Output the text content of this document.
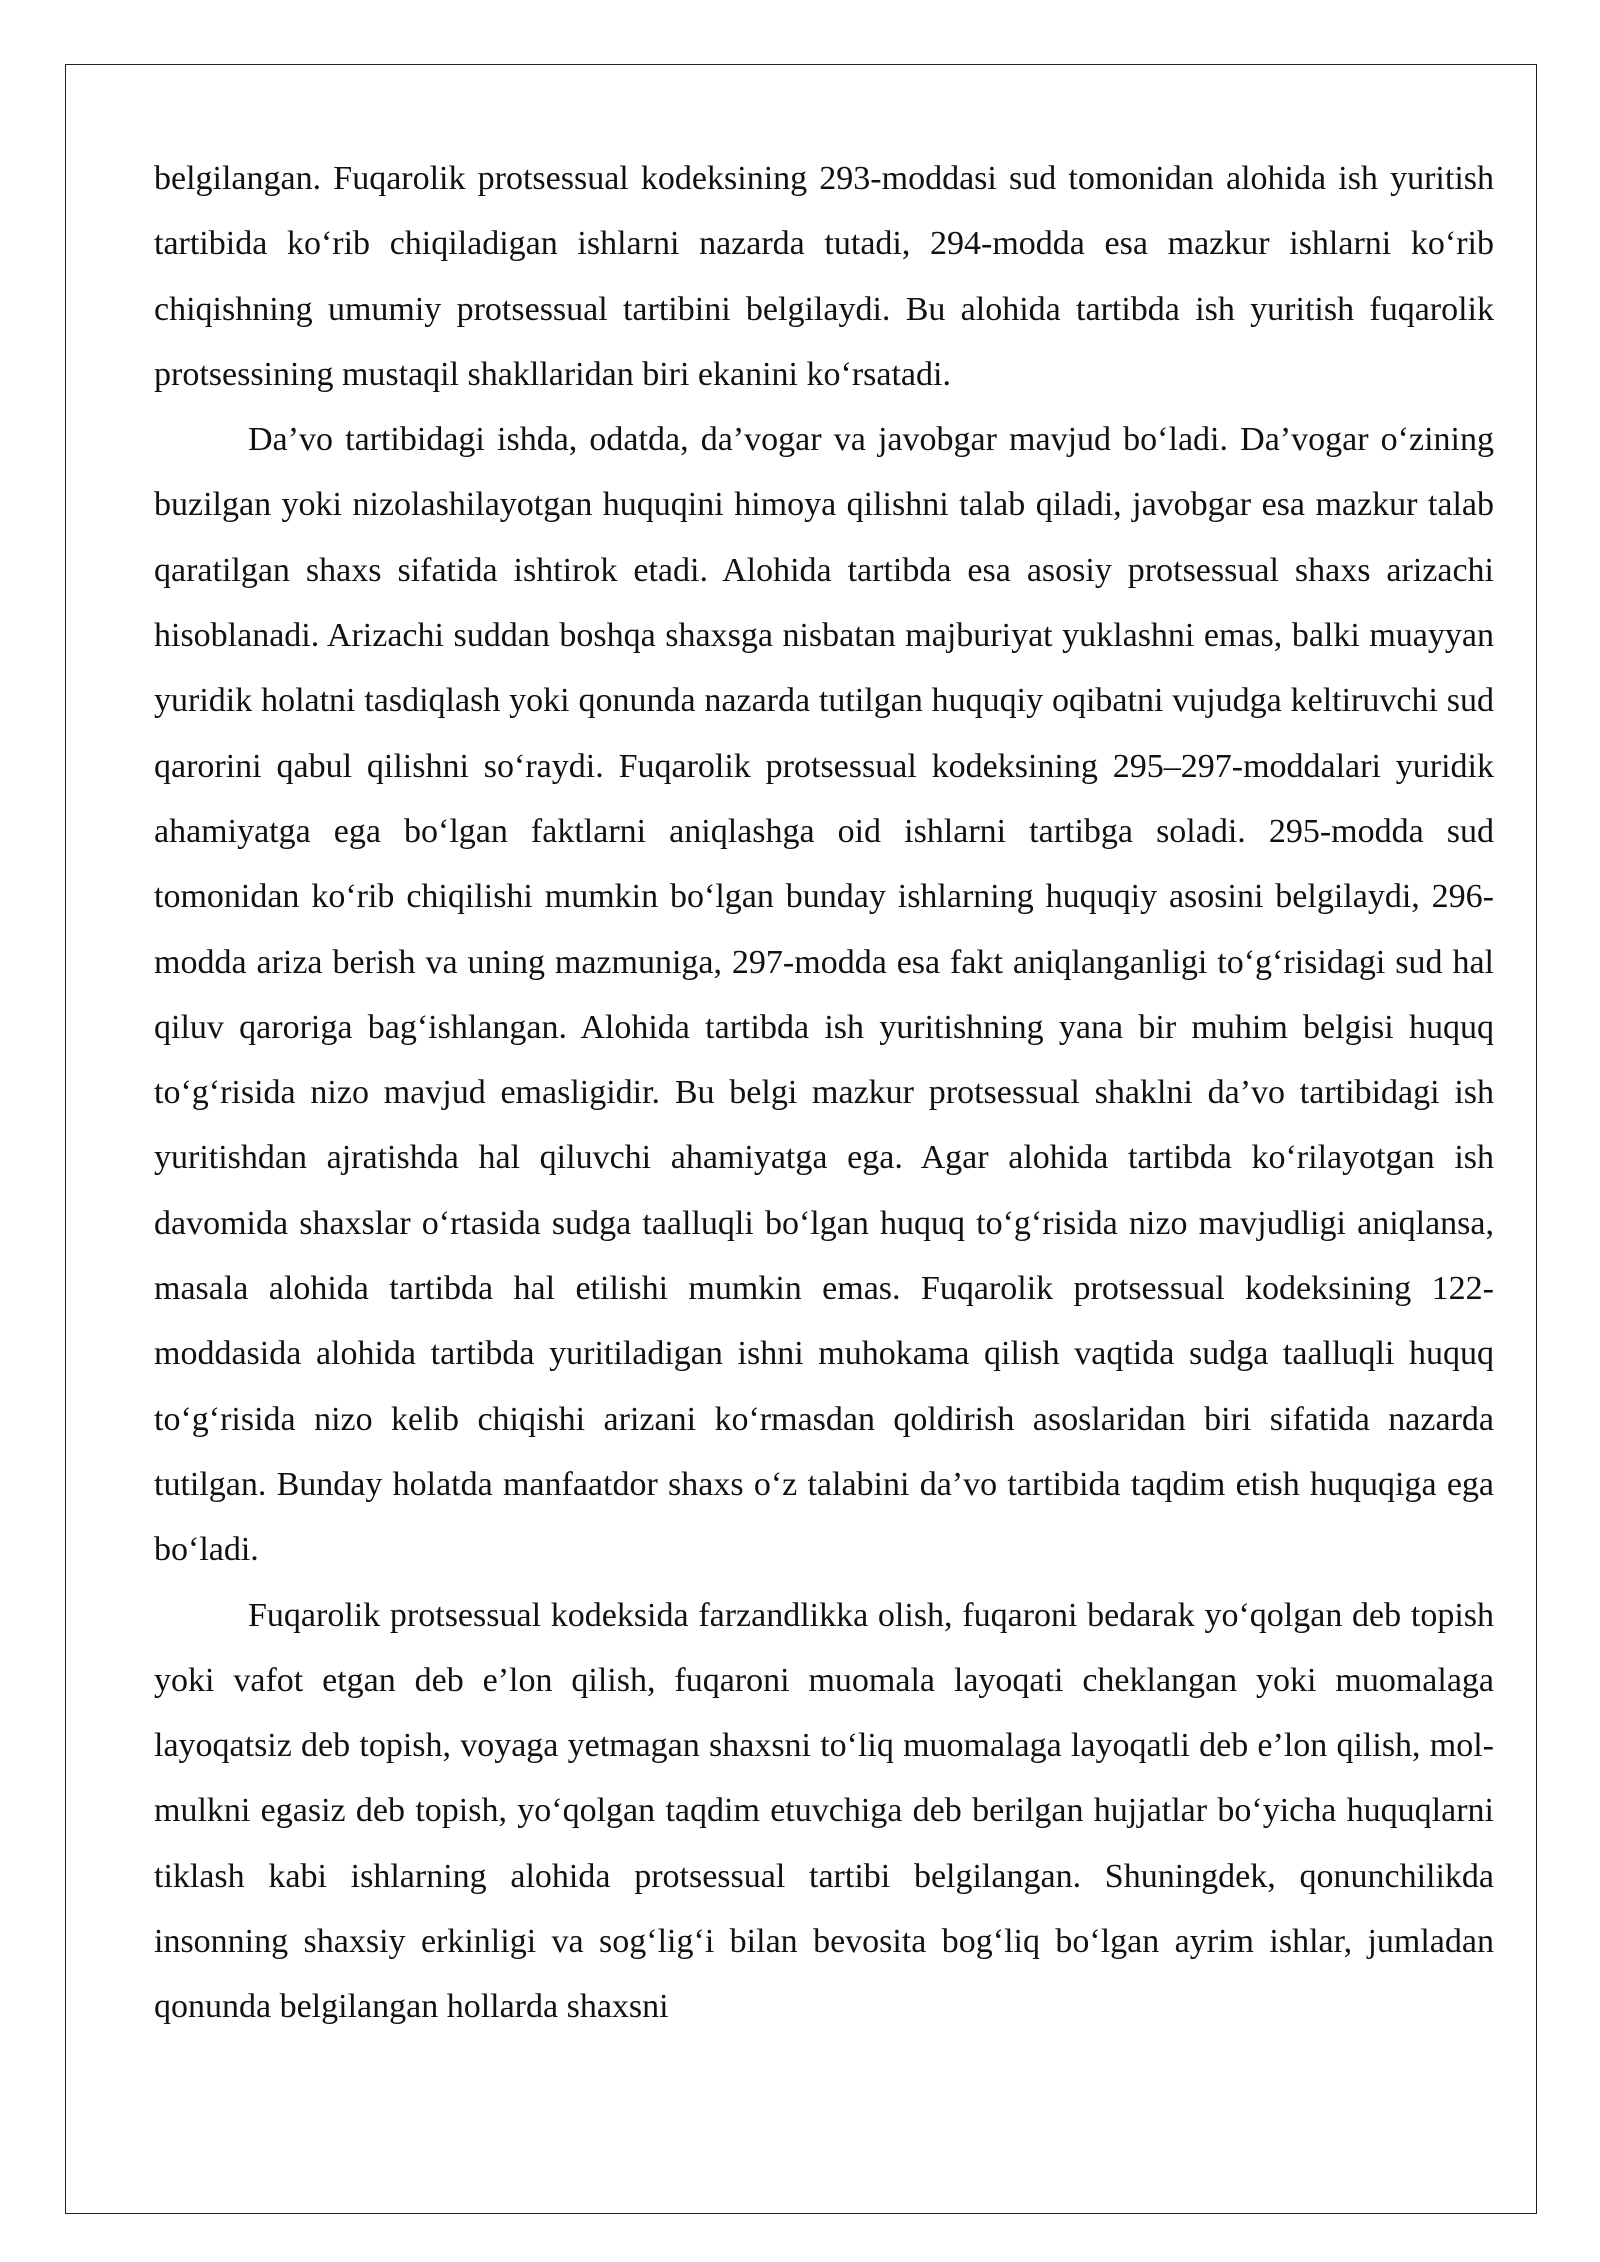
belgilangan. Fuqarolik protsessual kodeksining 293-moddasi sud tomonidan alohida ish yuritish tartibida koʻrib chiqiladigan ishlarni nazarda tutadi, 294-modda esa mazkur ishlarni koʻrib chiqishning umumiy protsessual tartibini belgilaydi. Bu alohida tartibda ish yuritish fuqarolik protsessining mustaqil shakllaridan biri ekanini koʻrsatadi.

Da’vo tartibidagi ishda, odatda, da’vogar va javobgar mavjud boʻladi. Da’vogar oʻzining buzilgan yoki nizolashilayotgan huquqini himoya qilishni talab qiladi, javobgar esa mazkur talab qaratilgan shaxs sifatida ishtirok etadi. Alohida tartibda esa asosiy protsessual shaxs arizachi hisoblanadi. Arizachi suddan boshqa shaxsga nisbatan majburiyat yuklashni emas, balki muayyan yuridik holatni tasdiqlash yoki qonunda nazarda tutilgan huquqiy oqibatni vujudga keltiruvchi sud qarorini qabul qilishni soʻraydi. Fuqarolik protsessual kodeksining 295–297-moddalari yuridik ahamiyatga ega boʻlgan faktlarni aniqlashga oid ishlarni tartibga soladi. 295-modda sud tomonidan koʻrib chiqilishi mumkin boʻlgan bunday ishlarning huquqiy asosini belgilaydi, 296-modda ariza berish va uning mazmuniga, 297-modda esa fakt aniqlanganligi toʻgʻrisidagi sud hal qiluv qaroriga bagʻishlangan. Alohida tartibda ish yuritishning yana bir muhim belgisi huquq toʻgʻrisida nizo mavjud emasligidir. Bu belgi mazkur protsessual shaklni da’vo tartibidagi ish yuritishdan ajratishda hal qiluvchi ahamiyatga ega. Agar alohida tartibda koʻrilayotgan ish davomida shaxslar oʻrtasida sudga taalluqli boʻlgan huquq toʻgʻrisida nizo mavjudligi aniqlansa, masala alohida tartibda hal etilishi mumkin emas. Fuqarolik protsessual kodeksining 122-moddasida alohida tartibda yuritiladigan ishni muhokama qilish vaqtida sudga taalluqli huquq toʻgʻrisida nizo kelib chiqishi arizani koʻrmasdan qoldirish asoslaridan biri sifatida nazarda tutilgan. Bunday holatda manfaatdor shaxs oʻz talabini da’vo tartibida taqdim etish huquqiga ega boʻladi.

Fuqarolik protsessual kodeksida farzandlikka olish, fuqaroni bedarak yoʻqolgan deb topish yoki vafot etgan deb e’lon qilish, fuqaroni muomala layoqati cheklangan yoki muomalaga layoqatsiz deb topish, voyaga yetmagan shaxsni toʻliq muomalaga layoqatli deb e’lon qilish, mol-mulkni egasiz deb topish, yoʻqolgan taqdim etuvchiga deb berilgan hujjatlar boʻyicha huquqlarni tiklash kabi ishlarning alohida protsessual tartibi belgilangan. Shuningdek, qonunchilikda insonning shaxsiy erkinligi va sogʻligʻi bilan bevosita bogʻliq boʻlgan ayrim ishlar, jumladan qonunda belgilangan hollarda shaxsni
